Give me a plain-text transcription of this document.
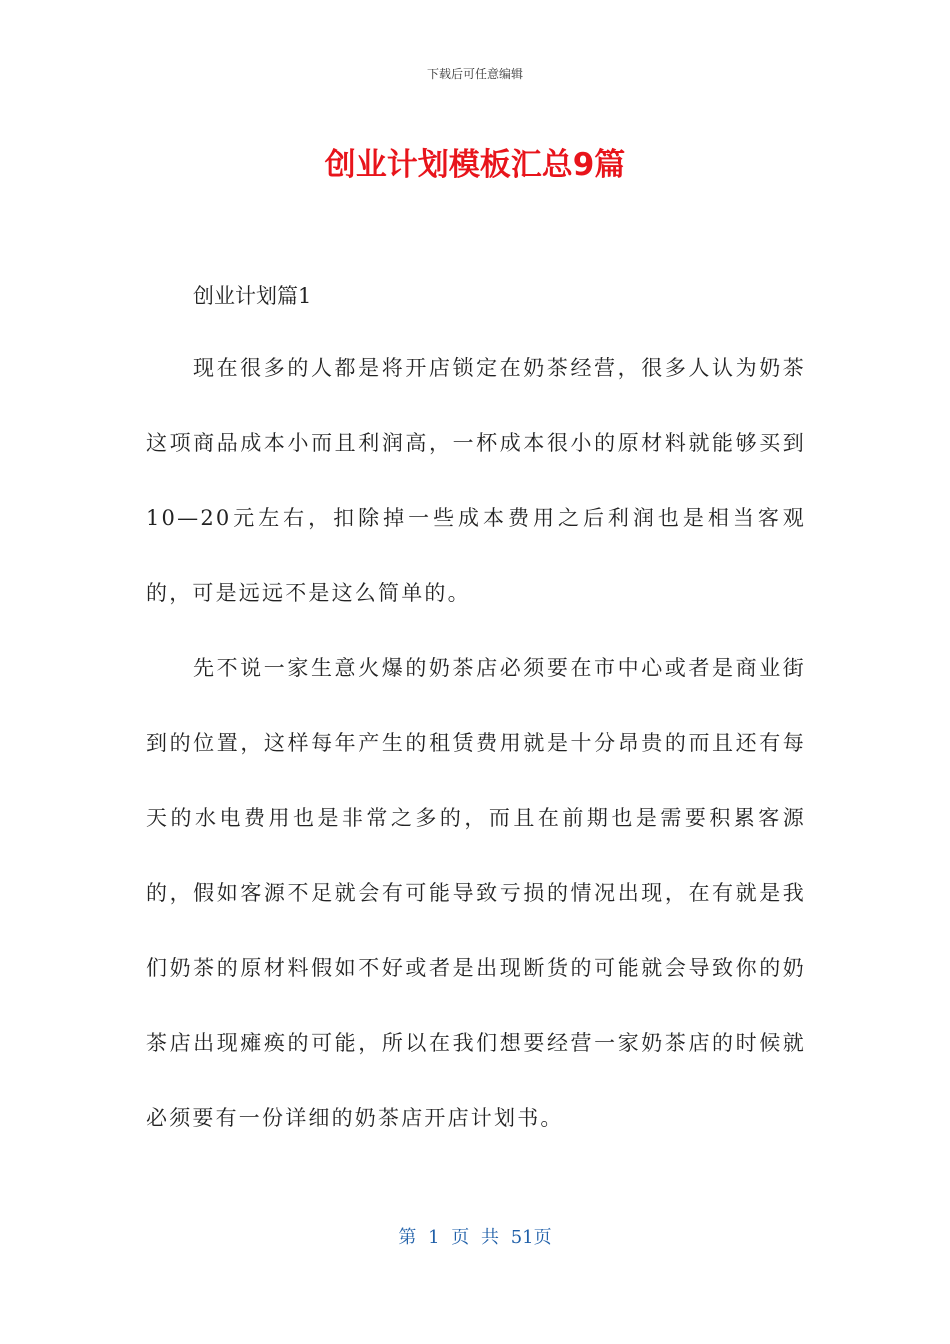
下载后可任意编辑
创业计划模板汇总9篇
创业计划篇1

现在很多的人都是将开店锁定在奶茶经营，很多人认为奶茶这项商品成本小而且利润高，一杯成本很小的原材料就能够买到10—20元左右，扣除掉一些成本费用之后利润也是相当客观的，可是远远不是这么简单的。

先不说一家生意火爆的奶茶店必须要在市中心或者是商业街到的位置，这样每年产生的租赁费用就是十分昂贵的而且还有每天的水电费用也是非常之多的，而且在前期也是需要积累客源的，假如客源不足就会有可能导致亏损的情况出现，在有就是我们奶茶的原材料假如不好或者是出现断货的可能就会导致你的奶茶店出现瘫痪的可能，所以在我们想要经营一家奶茶店的时候就必须要有一份详细的奶茶店开店计划书。

第 1 页 共 51页
